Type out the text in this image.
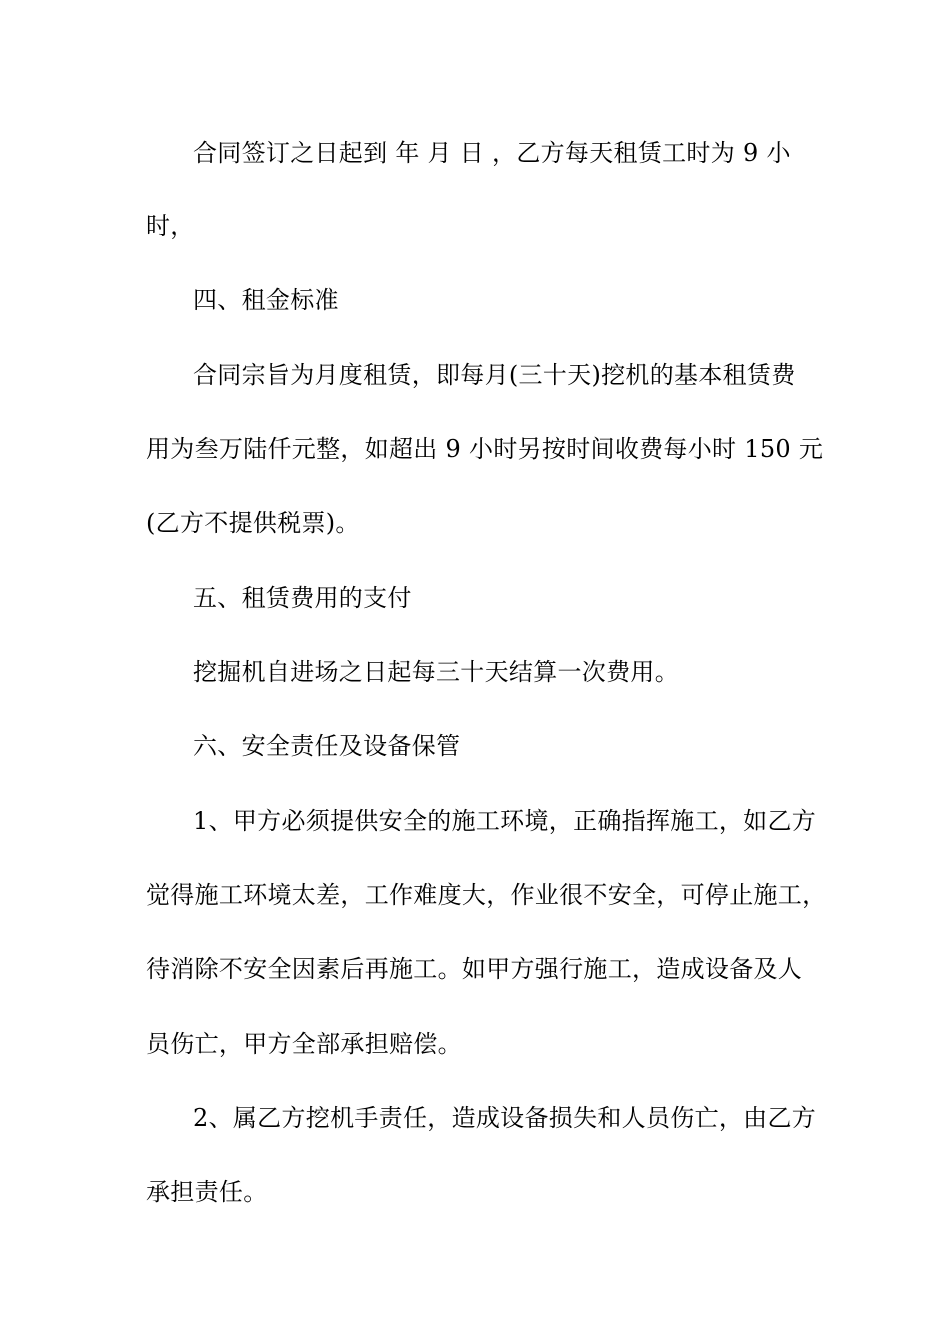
合同签订之日起到 年 月 日 ，乙方每天租赁工时为 9 小
时，
四、租金标准
合同宗旨为月度租赁，即每月(三十天)挖机的基本租赁费
用为叁万陆仟元整，如超出 9 小时另按时间收费每小时 150 元
(乙方不提供税票)。
五、租赁费用的支付
挖掘机自进场之日起每三十天结算一次费用。
六、安全责任及设备保管
1、甲方必须提供安全的施工环境，正确指挥施工，如乙方
觉得施工环境太差，工作难度大，作业很不安全，可停止施工，
待消除不安全因素后再施工。如甲方强行施工，造成设备及人
员伤亡，甲方全部承担赔偿。
2、属乙方挖机手责任，造成设备损失和人员伤亡，由乙方
承担责任。
